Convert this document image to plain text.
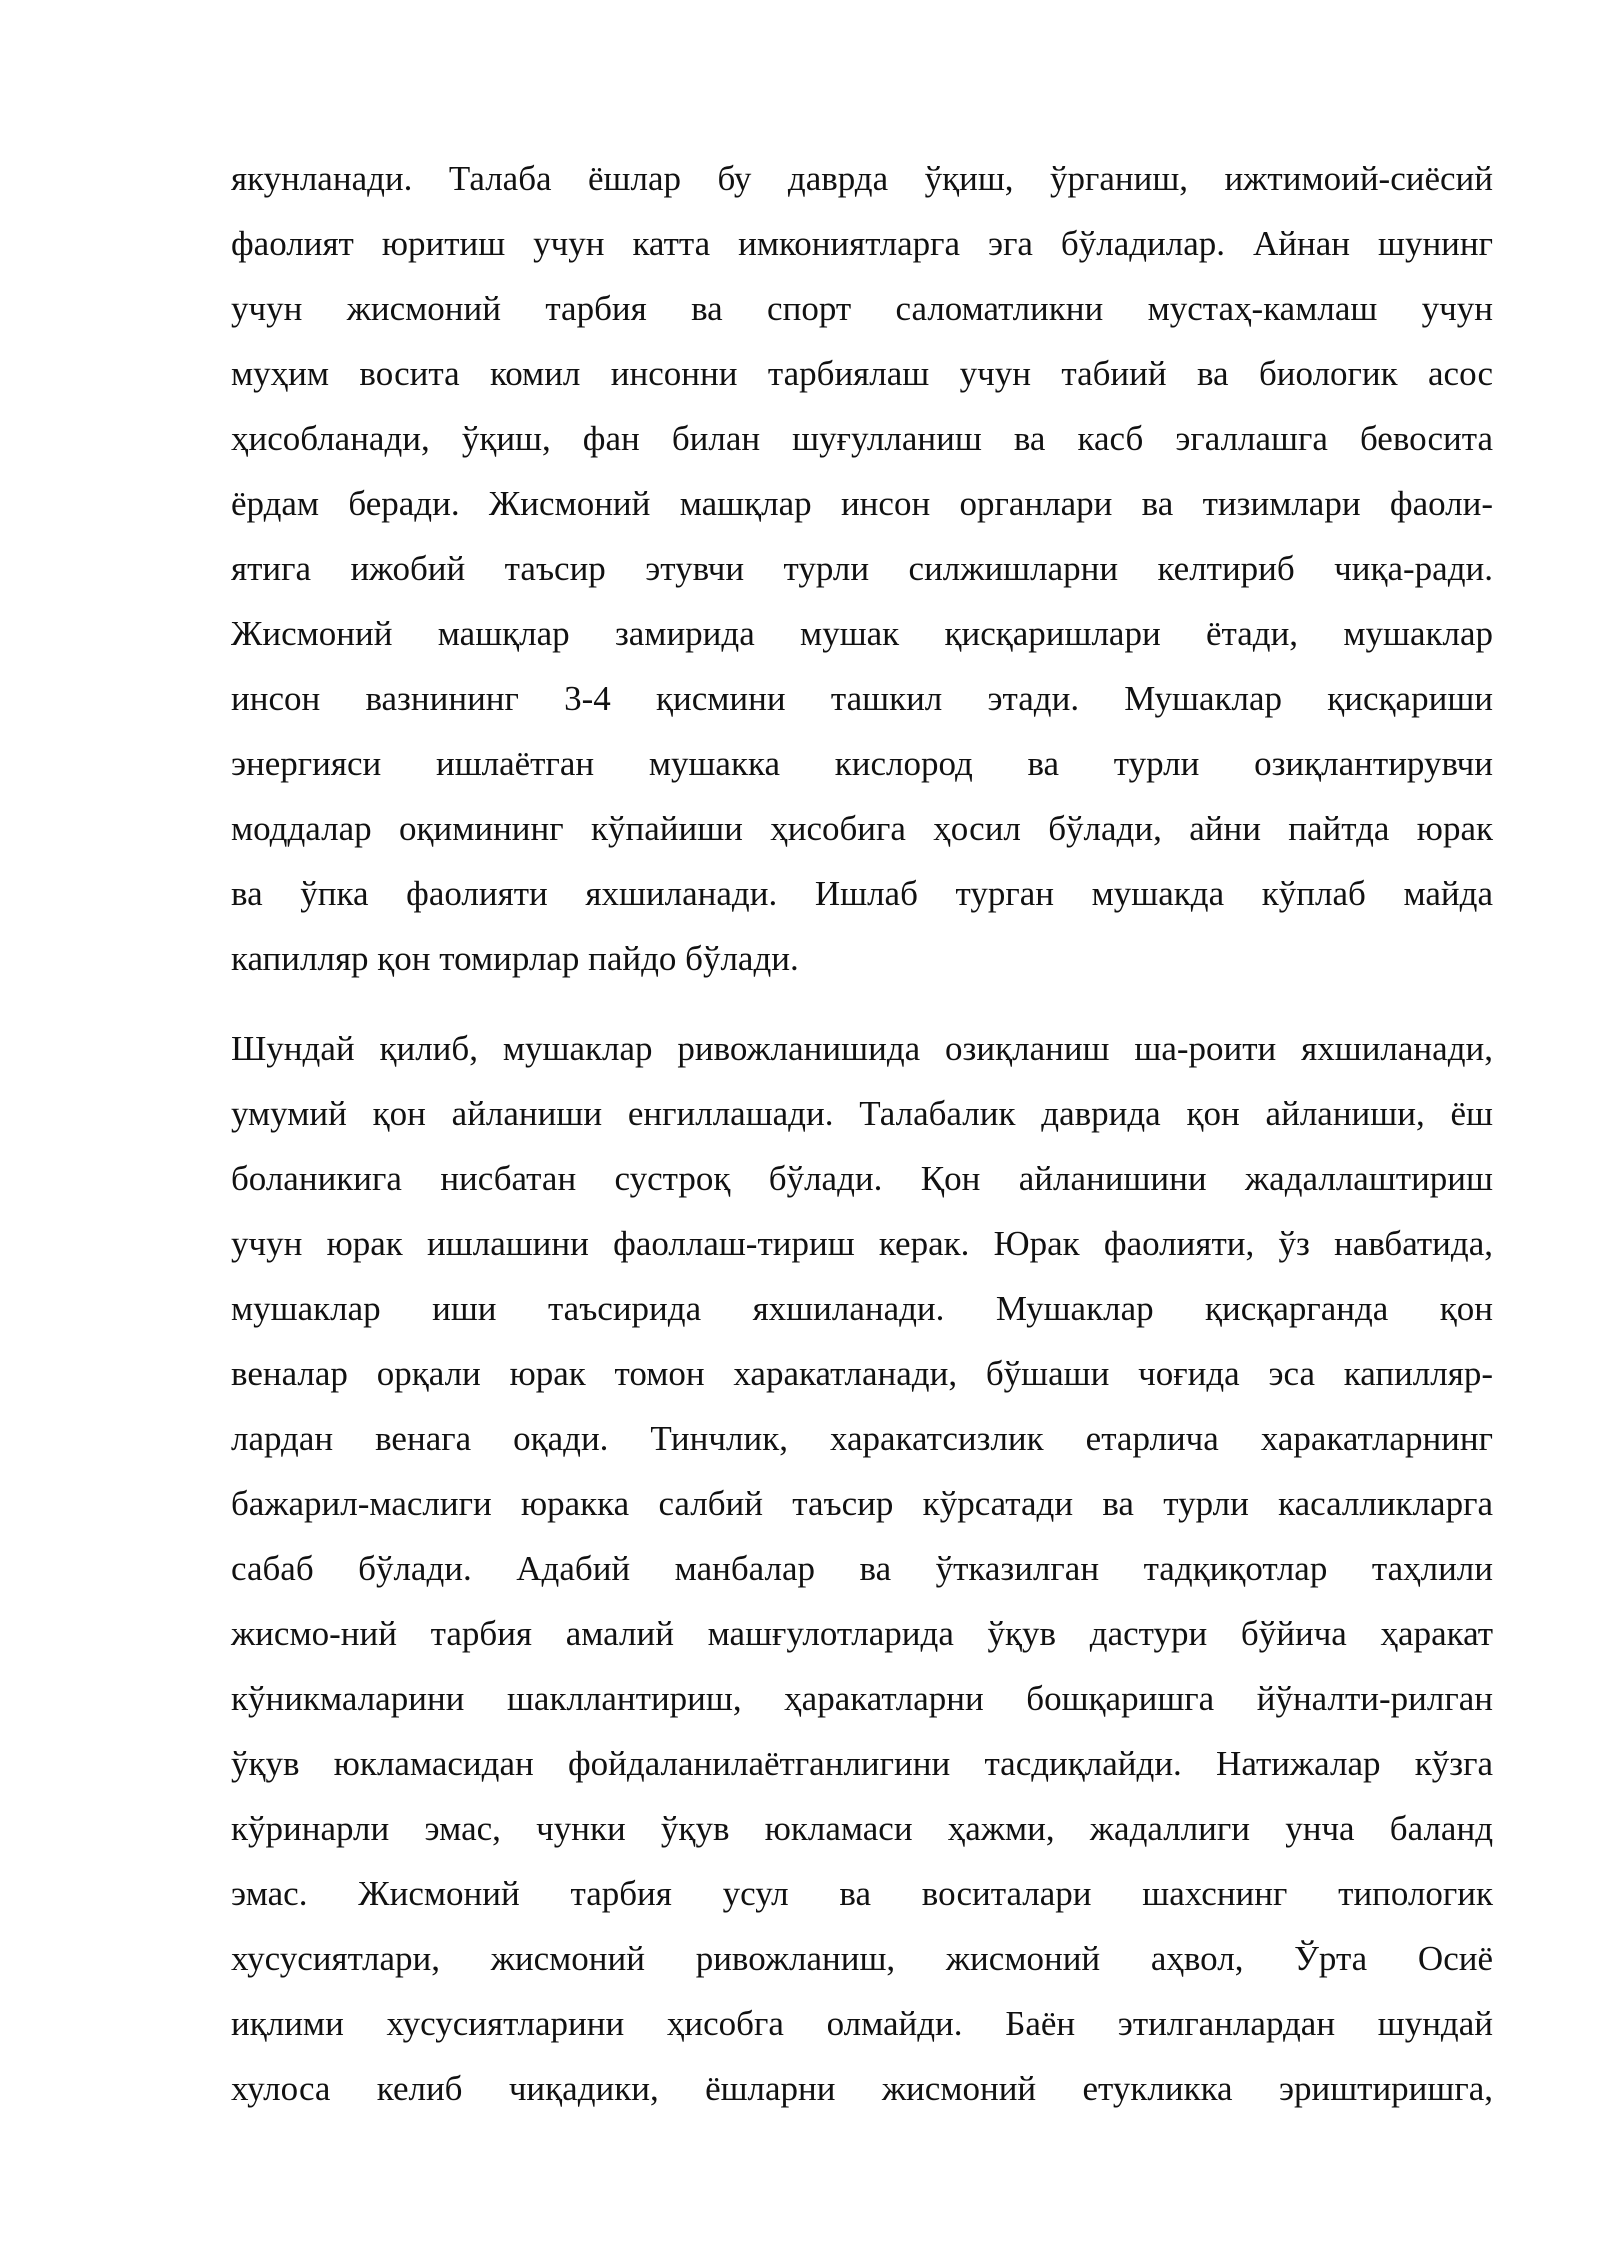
якунланади. Талаба ёшлар бу даврда ўқиш, ўрганиш, ижтимоий-сиёсий
фаолият юритиш учун катта имкониятларга эга бўладилар. Айнан шунинг
учун жисмоний тарбия ва спорт саломатликни мустаҳ-камлаш учун
муҳим восита комил инсонни тарбиялаш учун табиий ва биологик асос
ҳисобланади, ўқиш, фан билан шуғулланиш ва касб эгаллашга бевосита
ёрдам беради. Жисмоний машқлар инсон органлари ва тизимлари фаоли-
ятига ижобий таъсир этувчи турли силжишларни келтириб чиқа-ради.
Жисмоний машқлар замирида мушак қисқаришлари ётади, мушаклар
инсон вазнининг 3-4 қисмини ташкил этади. Мушаклар қисқариши
энергияси ишлаётган мушакка кислород ва турли озиқлантирувчи
моддалар оқимининг кўпайиши ҳисобига ҳосил бўлади, айни пайтда юрак
ва ўпка фаолияти яхшиланади. Ишлаб турган мушакда кўплаб майда
капилляр қон томирлар пайдо бўлади.
Шундай қилиб, мушаклар ривожланишида озиқланиш ша-роити яхшиланади,
умумий қон айланиши енгиллашади. Талабалик даврида қон айланиши, ёш
боланикига нисбатан сустроқ бўлади. Қон айланишини жадаллаштириш
учун юрак ишлашини фаоллаш-тириш керак. Юрак фаолияти, ўз навбатида,
мушаклар иши таъсирида яхшиланади. Мушаклар қисқарганда қон
веналар орқали юрак томон харакатланади, бўшаши чоғида эса капилляр-
лардан венага оқади. Тинчлик, харакатсизлик етарлича харакатларнинг
бажарил-маслиги юракка салбий таъсир кўрсатади ва турли касалликларга
сабаб бўлади. Адабий манбалар ва ўтказилган тадқиқотлар таҳлили
жисмо-ний тарбия амалий машғулотларида ўқув дастури бўйича ҳаракат
кўникмаларини шакллантириш, ҳаракатларни бошқаришга йўналти-рилган
ўқув юкламасидан фойдаланилаётганлигини тасдиқлайди. Натижалар кўзга
кўринарли эмас, чунки ўқув юкламаси ҳажми, жадаллиги унча баланд
эмас. Жисмоний тарбия усул ва воситалари шахснинг типологик
хусусиятлари, жисмоний ривожланиш, жисмоний аҳвол, Ўрта Осиё
иқлими хусусиятларини ҳисобга олмайди. Баён этилганлардан шундай
хулоса келиб чиқадики, ёшларни жисмоний етукликка эриштиришга,
